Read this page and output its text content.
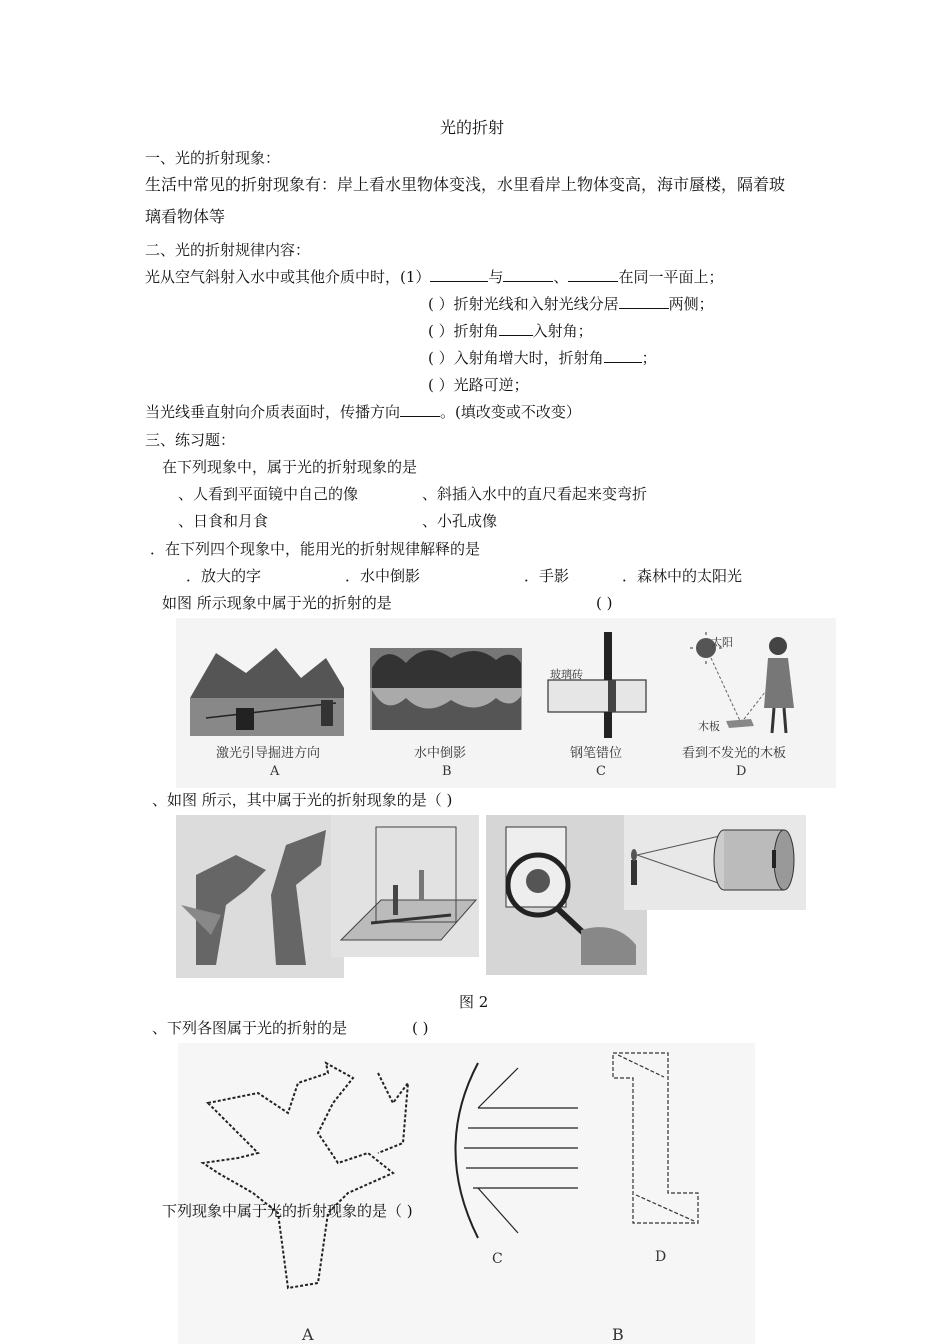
光的折射
一、光的折射现象：
生活中常见的折射现象有：岸上看水里物体变浅，水里看岸上物体变高，海市蜃楼，隔着玻
璃看物体等
二、光的折射规律内容：
光从空气斜射入水中或其他介质中时，(1）	与	、	在同一平面上；
( ）折射光线和入射光线分居	两侧；
( ）折射角 入射角；
( ）入射角增大时，折射角	；
( ）光路可逆；
当光线垂直射向介质表面时，传播方向	。(填改变或不改变）
三、练习题：
在下列现象中，属于光的折射现象的是
、人看到平面镜中自己的像	、斜插入水中的直尺看起来变弯折
、日食和月食	、小孔成像
．在下列四个现象中，能用光的折射规律解释的是
．放大的字	．水中倒影	．手影	．森林中的太阳光
如图 所示现象中属于光的折射的是	( )
玻璃砖
太阳
木板
激光引导掘进方向	水中倒影	钢笔错位	看到不发光的木板
A	B	C	D
、如图 所示，其中属于光的折射现象的是（ )
图 2
、下列各图属于光的折射的是	( )
C	D
A	B
下列现象中属于光的折射现象的是（ )
